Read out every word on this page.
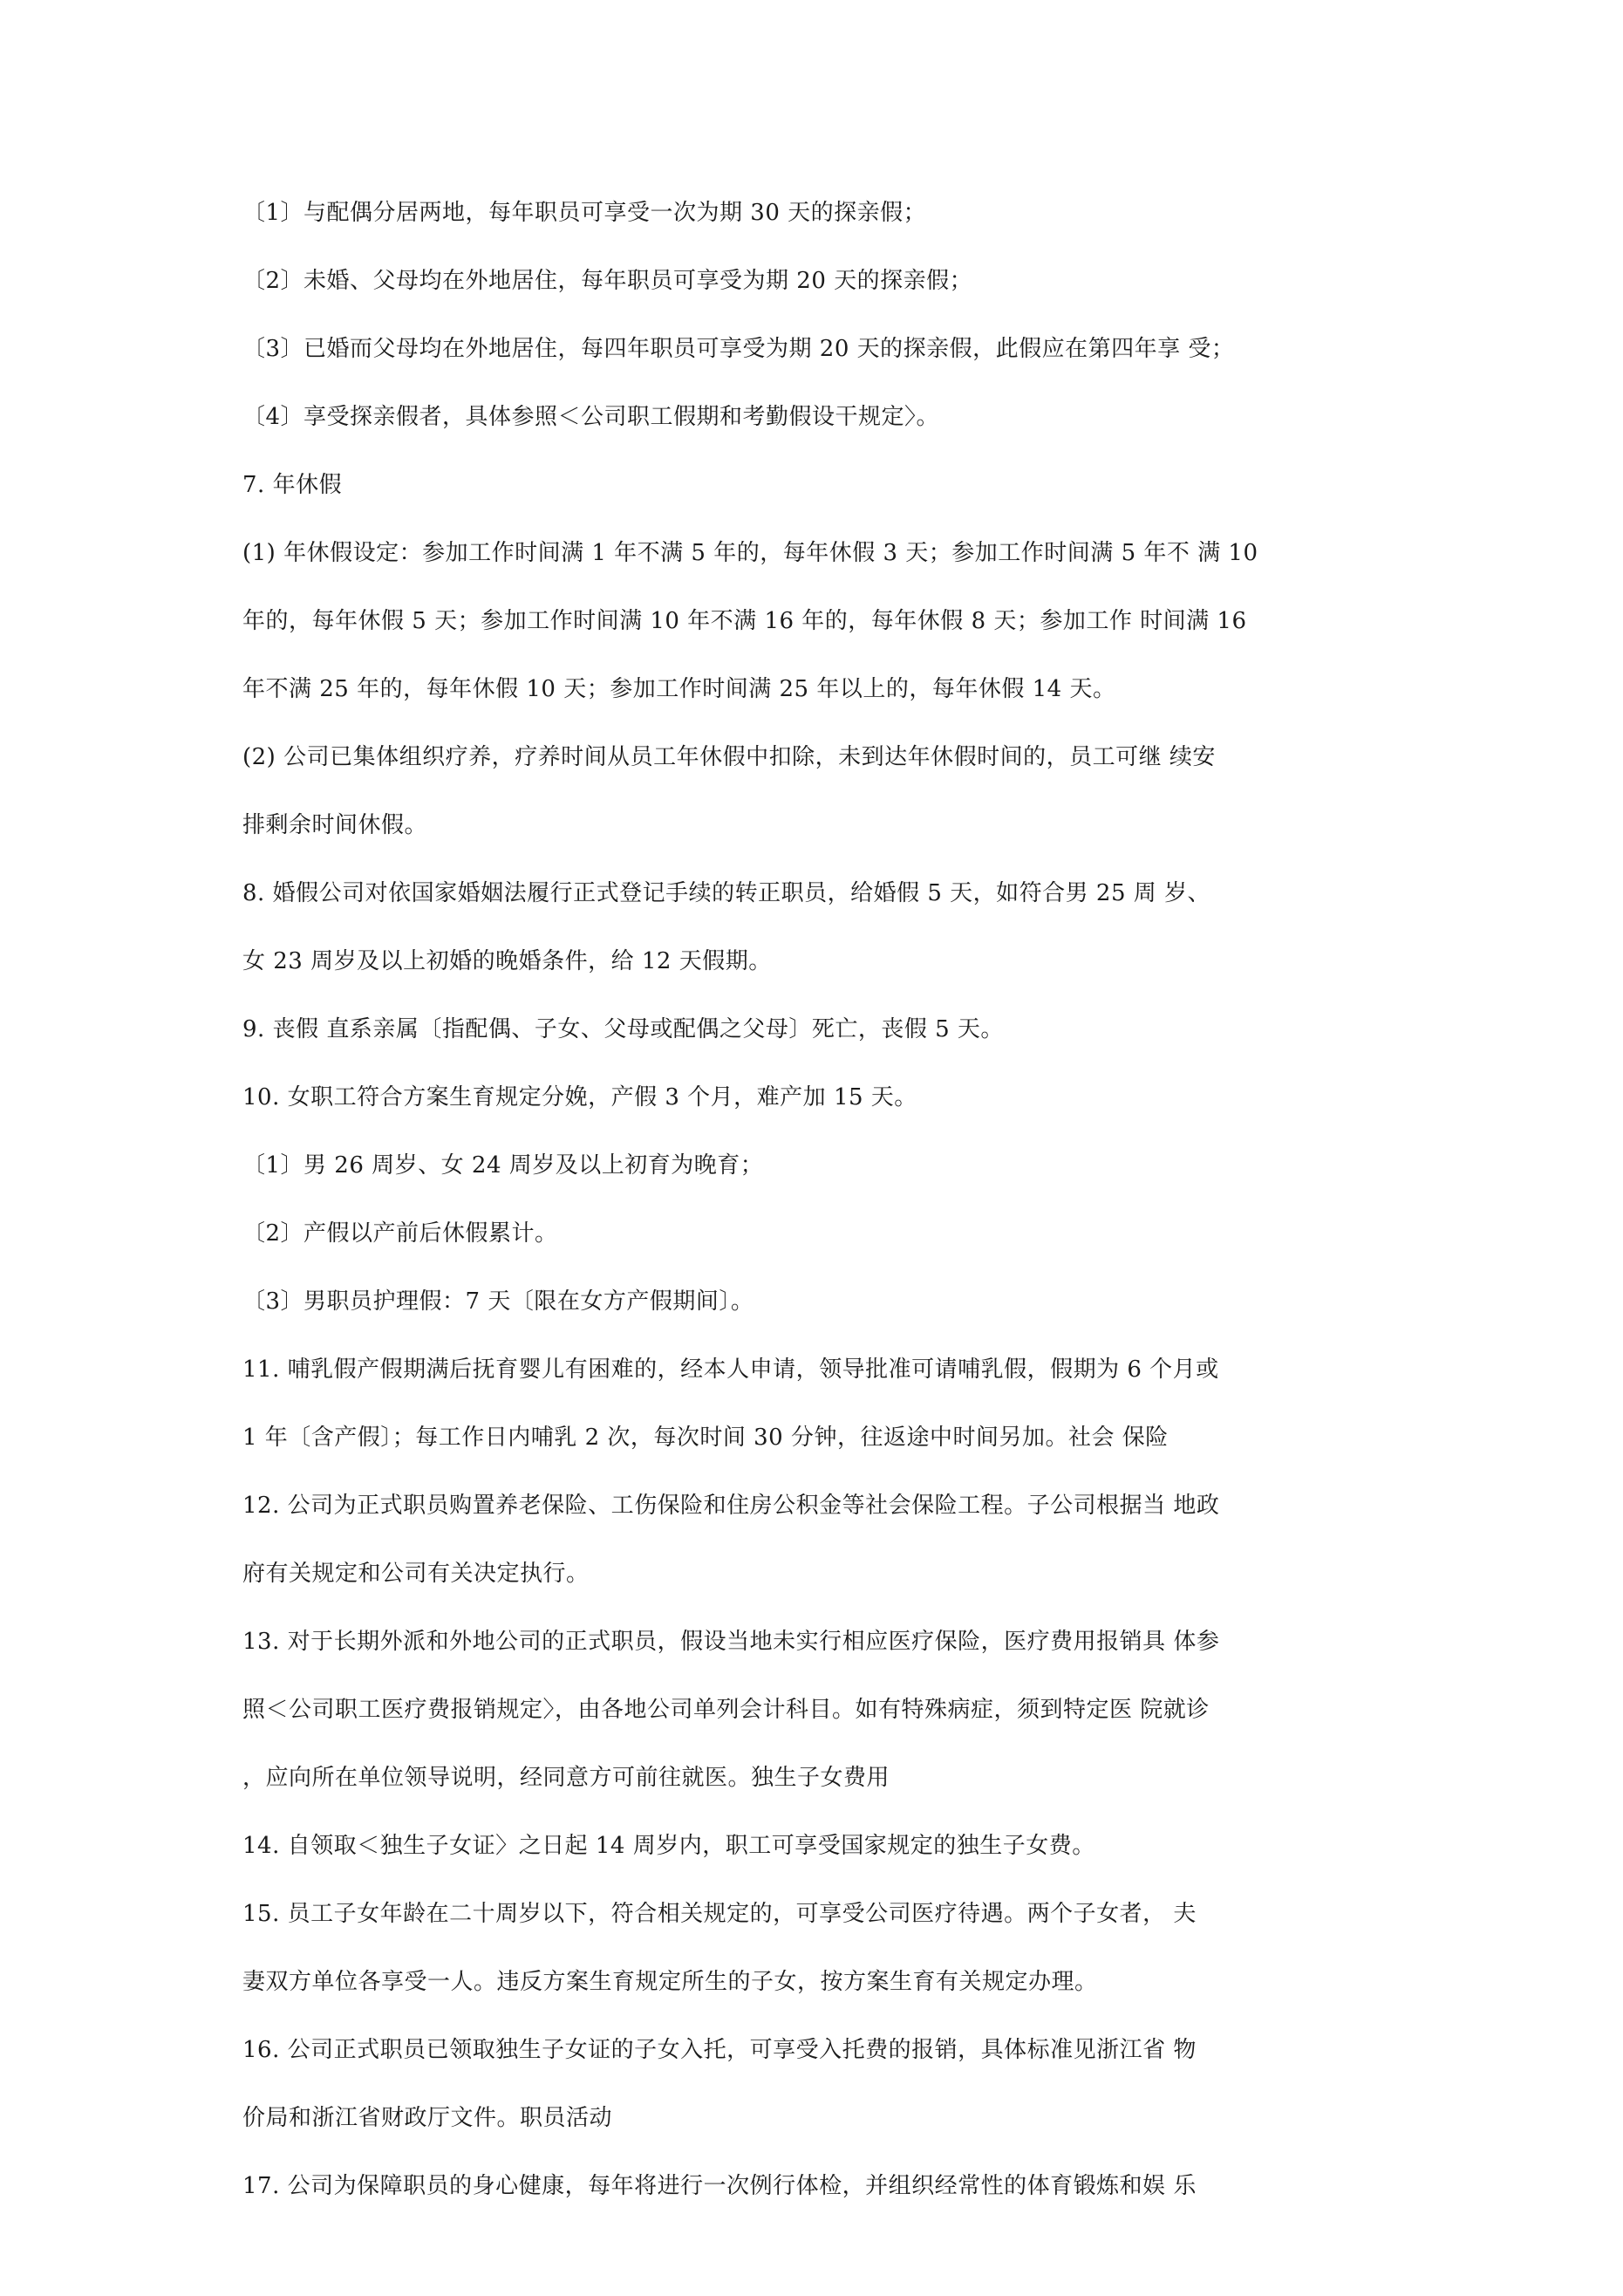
〔1〕与配偶分居两地，每年职员可享受一次为期 30 天的探亲假；
〔2〕未婚、父母均在外地居住，每年职员可享受为期 20 天的探亲假；
〔3〕已婚而父母均在外地居住，每四年职员可享受为期 20 天的探亲假，此假应在第四年享 受；
〔4〕享受探亲假者，具体参照＜公司职工假期和考勤假设干规定〉。
7. 年休假
(1) 年休假设定：参加工作时间满 1 年不满 5 年的，每年休假 3 天；参加工作时间满 5 年不 满 10
年的，每年休假 5 天；参加工作时间满 10 年不满 16 年的，每年休假 8 天；参加工作 时间满 16
年不满 25 年的，每年休假 10 天；参加工作时间满 25 年以上的，每年休假 14 天。
(2) 公司已集体组织疗养，疗养时间从员工年休假中扣除，未到达年休假时间的，员工可继 续安
排剩余时间休假。
8. 婚假公司对依国家婚姻法履行正式登记手续的转正职员，给婚假 5 天，如符合男 25 周 岁、
女 23 周岁及以上初婚的晚婚条件，给 12 天假期。
9. 丧假 直系亲属〔指配偶、子女、父母或配偶之父母〕死亡，丧假 5 天。
10. 女职工符合方案生育规定分娩，产假 3 个月，难产加 15 天。
〔1〕男 26 周岁、女 24 周岁及以上初育为晚育；
〔2〕产假以产前后休假累计。
〔3〕男职员护理假：7 天〔限在女方产假期间〕。
11. 哺乳假产假期满后抚育婴儿有困难的，经本人申请，领导批准可请哺乳假，假期为 6 个月或
1 年〔含产假〕；每工作日内哺乳 2 次，每次时间 30 分钟，往返途中时间另加。社会 保险
12. 公司为正式职员购置养老保险、工伤保险和住房公积金等社会保险工程。子公司根据当 地政
府有关规定和公司有关决定执行。
13. 对于长期外派和外地公司的正式职员，假设当地未实行相应医疗保险，医疗费用报销具 体参
照＜公司职工医疗费报销规定〉，由各地公司单列会计科目。如有特殊病症，须到特定医 院就诊
，应向所在单位领导说明，经同意方可前往就医。独生子女费用
14. 自领取＜独生子女证〉之日起 14 周岁内，职工可享受国家规定的独生子女费。
15. 员工子女年龄在二十周岁以下，符合相关规定的，可享受公司医疗待遇。两个子女者， 夫
妻双方单位各享受一人。违反方案生育规定所生的子女，按方案生育有关规定办理。
16. 公司正式职员已领取独生子女证的子女入托，可享受入托费的报销，具体标准见浙江省 物
价局和浙江省财政厅文件。职员活动
17. 公司为保障职员的身心健康，每年将进行一次例行体检，并组织经常性的体育锻炼和娱 乐
